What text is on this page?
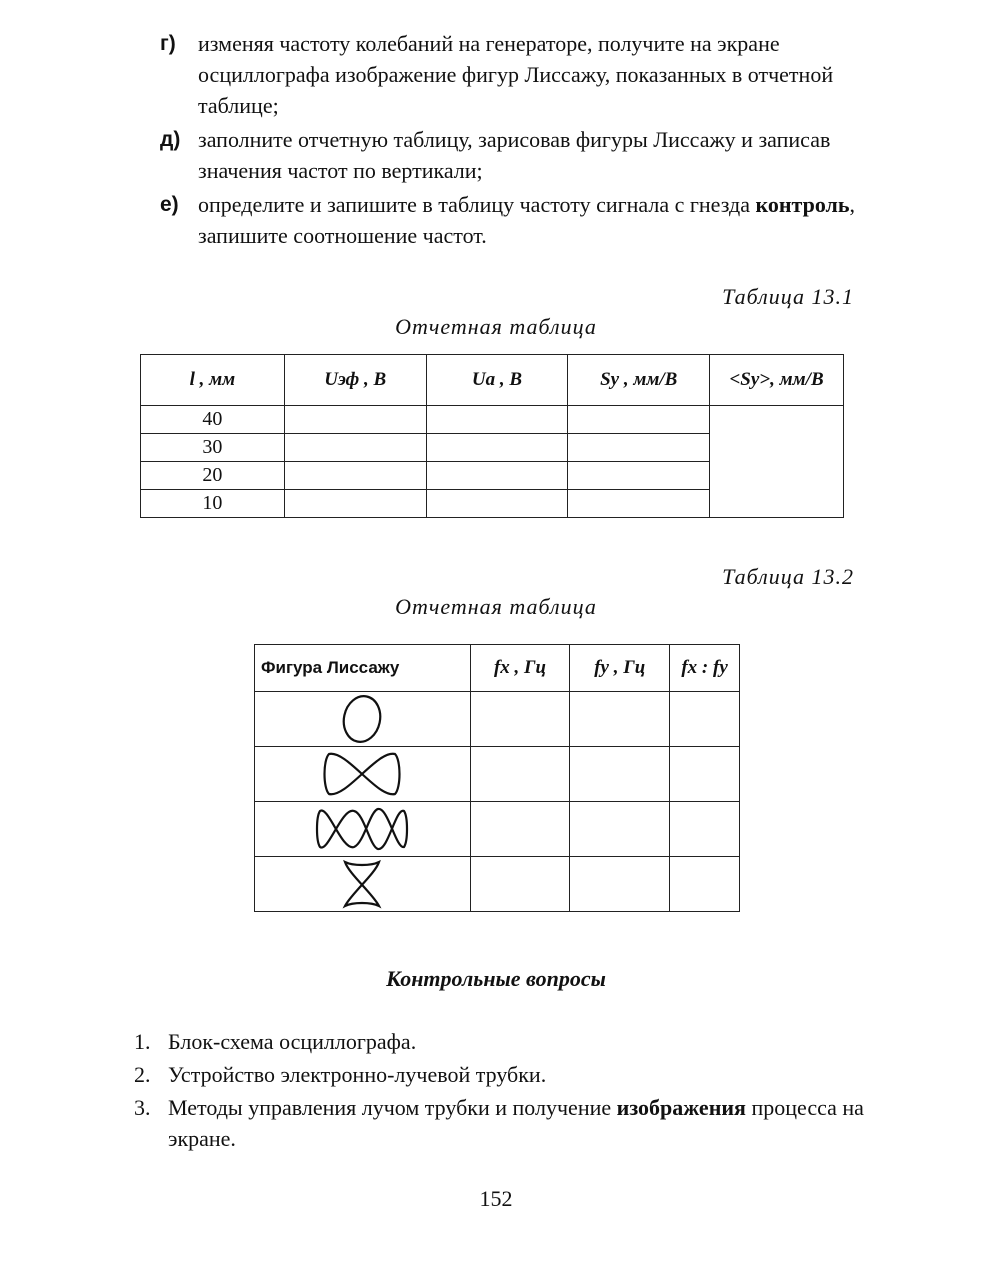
г) изменяя частоту колебаний на генераторе, получите на экране осциллографа изображение фигур Лиссажу, показанных в отчетной таблице;
д) заполните отчетную таблицу, зарисовав фигуры Лиссажу и записав значения частот по вертикали;
е) определите и запишите в таблицу частоту сигнала с гнезда контроль, запишите соотношение частот.
Таблица 13.1
Отчетная таблица
l , мм	Uэф , В	Uа , В	Sу , мм/В	<Sу>, мм/В
40				
30				
20				
10				
Таблица 13.2
Отчетная таблица
Фигура Лиссажу	fx , Гц	fy , Гц	fx : fy

Контрольные вопросы
1. Блок-схема осциллографа.
2. Устройство электронно-лучевой трубки.
3. Методы управления лучом трубки и получение изображения процесса на экране.
152
